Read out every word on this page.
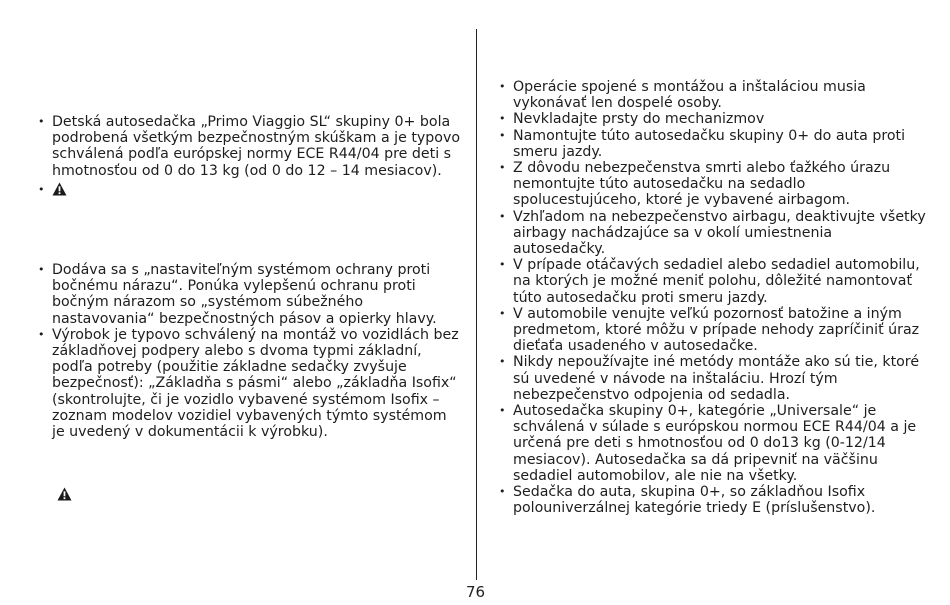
• Detská autosedačka „Primo Viaggio SL“ skupiny 0+ bola podrobená všetkým bezpečnostným skúškam a je typovo schválená podľa európskej normy ECE R44/04 pre deti s hmotnosťou od 0 do 13 kg (od 0 do 12 – 14 mesiacov).
•
• Dodáva sa s „nastaviteľným systémom ochrany proti bočnému nárazu“. Ponúka vylepšenú ochranu proti bočným nárazom so „systémom súbežného nastavovania“ bezpečnostných pásov a opierky hlavy.
• Výrobok je typovo schválený na montáž vo vozidlách bez základňovej podpery alebo s dvoma typmi základní, podľa potreby (použitie základne sedačky zvyšuje bezpečnosť): „Základňa s pásmi“ alebo „základňa Isofix“ (skontrolujte, či je vozidlo vybavené systémom Isofix – zoznam modelov vozidiel vybavených týmto systémom je uvedený v dokumentácii k výrobku).
• Operácie spojené s montážou a inštaláciou musia vykonávať len dospelé osoby.
• Nevkladajte prsty do mechanizmov
• Namontujte túto autosedačku skupiny 0+ do auta proti smeru jazdy.
• Z dôvodu nebezpečenstva smrti alebo ťažkého úrazu nemontujte túto autosedačku na sedadlo spolucestujúceho, ktoré je vybavené airbagom.
• Vzhľadom na nebezpečenstvo airbagu, deaktivujte všetky airbagy nachádzajúce sa v okolí umiestnenia autosedačky.
• V prípade otáčavých sedadiel alebo sedadiel automobilu, na ktorých je možné meniť polohu, dôležité namontovať túto autosedačku proti smeru jazdy.
• V automobile venujte veľkú pozornosť batožine a iným predmetom, ktoré môžu v prípade nehody zapríčiniť úraz dieťaťa usadeného v autosedačke.
• Nikdy nepoužívajte iné metódy montáže ako sú tie, ktoré sú uvedené v návode na inštaláciu. Hrozí tým nebezpečenstvo odpojenia od sedadla.
• Autosedačka skupiny 0+, kategórie „Universale“ je schválená v súlade s európskou normou ECE R44/04 a je určená pre deti s hmotnosťou od 0 do13 kg (0-12/14 mesiacov). Autosedačka sa dá pripevniť na väčšinu sedadiel automobilov, ale nie na všetky.
• Sedačka do auta, skupina 0+, so základňou Isofix polouniverzálnej kategórie triedy E (príslušenstvo).
76
